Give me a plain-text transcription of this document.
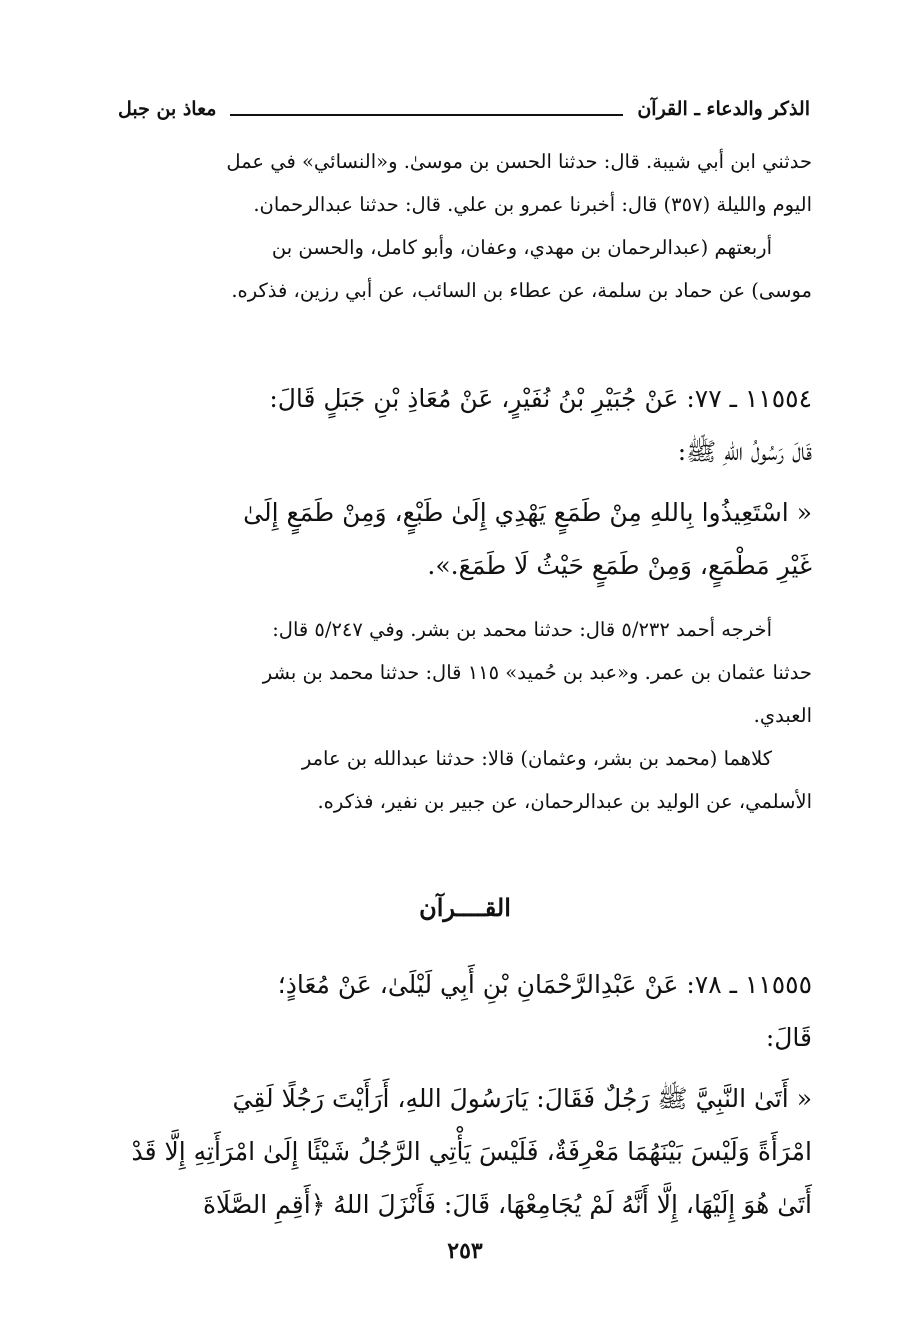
الذكر والدعاء ـ القرآن
معاذ بن جبل

حدثني ابن أبي شيبة. قال: حدثنا الحسن بن موسىٰ. و«النسائي» في عمل

اليوم والليلة (٣٥٧) قال: أخبرنا عمرو بن علي. قال: حدثنا عبدالرحمان.

أربعتهم (عبدالرحمان بن مهدي، وعفان، وأبو كامل، والحسن بن

موسى) عن حماد بن سلمة، عن عطاء بن السائب، عن أبي رزين، فذكره.

١١٥٥٤ ـ ٧٧: عَنْ جُبَيْرِ بْنُ نُفَيْرٍ، عَنْ مُعَاذِ بْنِ جَبَلٍ قَالَ:

قَالَ رَسُولُ اللهِ ﷺ:

« اسْتَعِيذُوا بِاللهِ مِنْ طَمَعٍ يَهْدِي إِلَىٰ طَبْعٍ، وَمِنْ طَمَعٍ إِلَىٰ

غَيْرِ مَطْمَعٍ، وَمِنْ طَمَعٍ حَيْثُ لَا طَمَعَ.».

أخرجه أحمد ٥/٢٣٢ قال: حدثنا محمد بن بشر. وفي ٥/٢٤٧ قال:

حدثنا عثمان بن عمر. و«عبد بن حُميد» ١١٥ قال: حدثنا محمد بن بشر

العبدي.

كلاهما (محمد بن بشر، وعثمان) قالا: حدثنا عبدالله بن عامر

الأسلمي، عن الوليد بن عبدالرحمان، عن جبير بن نفير، فذكره.

القــــرآن

١١٥٥٥ ـ ٧٨: عَنْ عَبْدِالرَّحْمَانِ بْنِ أَبِي لَيْلَىٰ، عَنْ مُعَاذٍ؛

قَالَ:

« أَتَىٰ النَّبِيَّ ﷺ رَجُلٌ فَقَالَ: يَارَسُولَ اللهِ، أَرَأَيْتَ رَجُلًا لَقِيَ

امْرَأَةً وَلَيْسَ بَيْنَهُمَا مَعْرِفَةٌ، فَلَيْسَ يَأْتِي الرَّجُلُ شَيْئًا إِلَىٰ امْرَأَتِهِ إِلَّا قَدْ

أَتَىٰ هُوَ إِلَيْهَا، إِلَّا أَنَّهُ لَمْ يُجَامِعْهَا، قَالَ: فَأَنْزَلَ اللهُ ﴿أَقِمِ الصَّلَاةَ

٢٥٣
